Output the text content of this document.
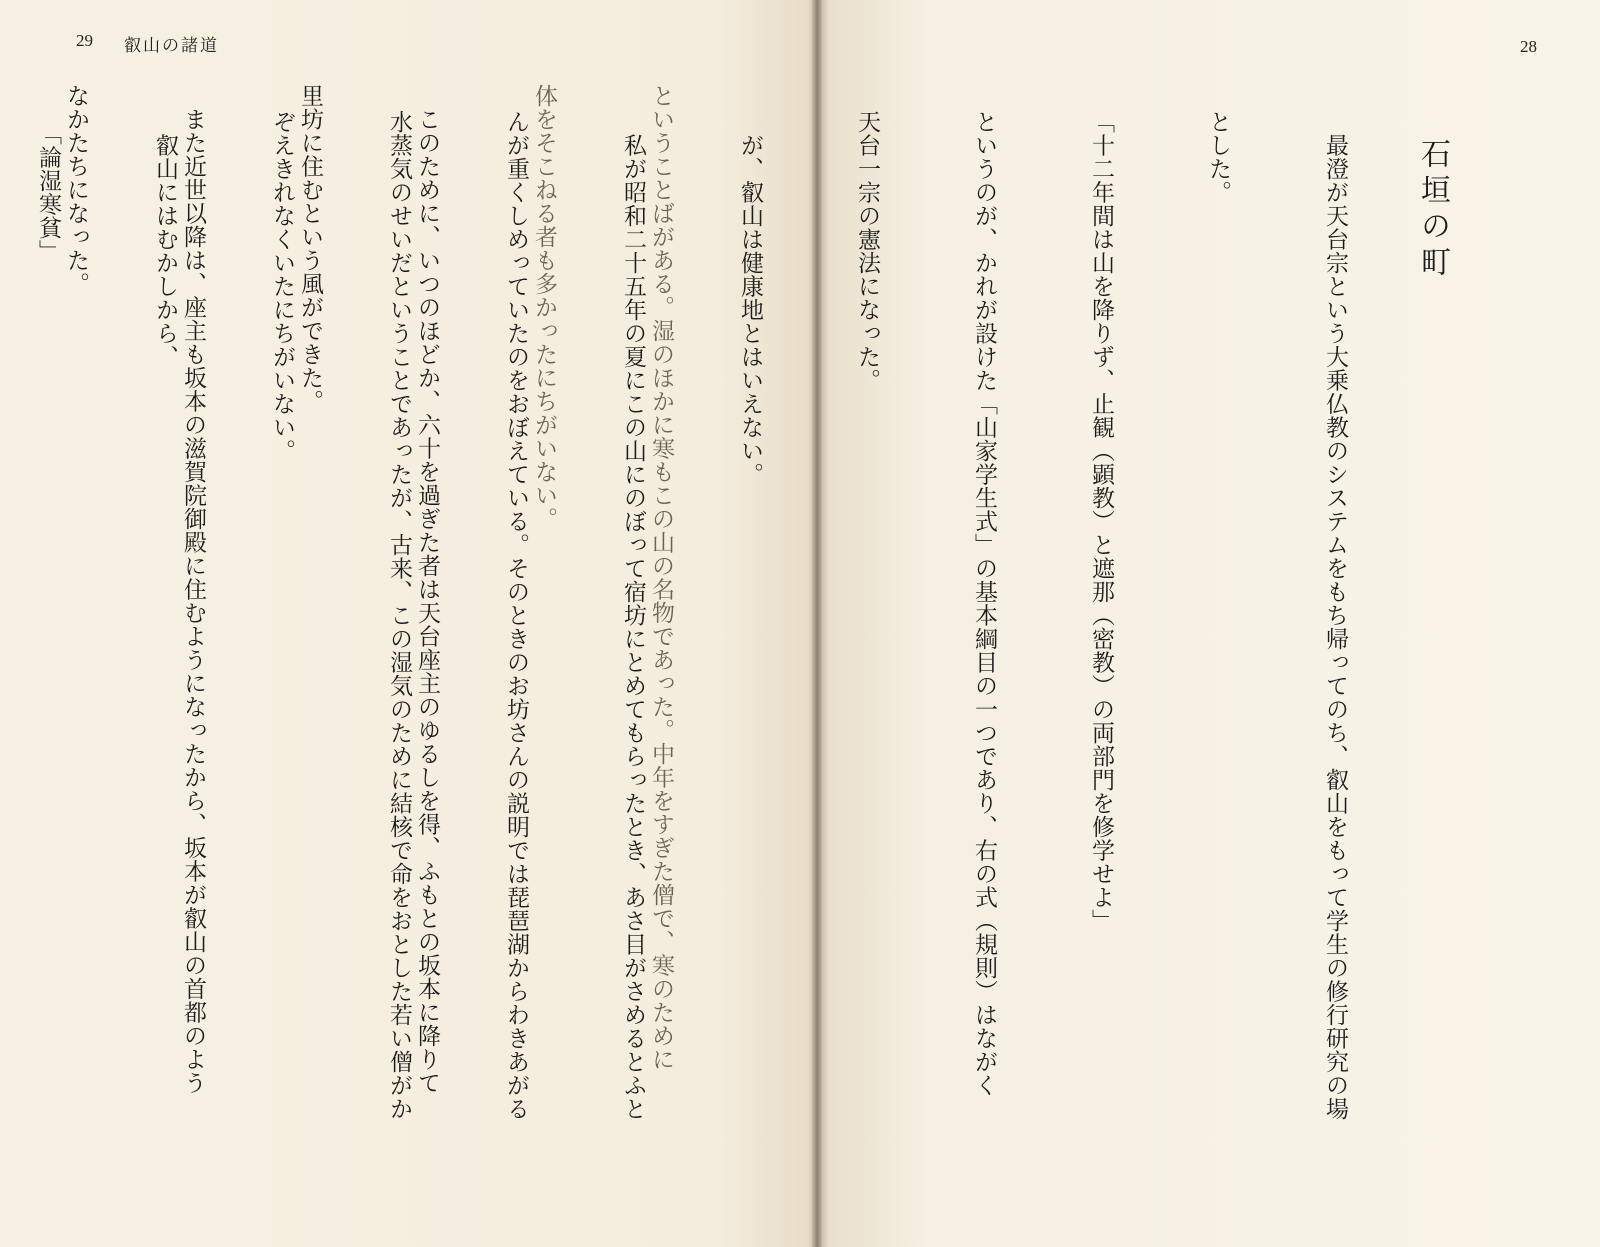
29 叡山の諸道

ということばがある。湿のほかに寒もこの山の名物であった。中年をすぎた僧で、寒のために

体をそこねる者も多かったにちがいない。

　このために、いつのほどか、六十を過ぎた者は天台座主のゆるしを得、ふもとの坂本に降りて

里坊に住むという風ができた。

　また近世以降は、座主も坂本の滋賀院御殿に住むようになったから、坂本が叡山の首都のよう

なかたちになった。

28
石垣の町

　最澄が天台宗という大乗仏教のシステムをもち帰ってのち、叡山をもって学生の修行研究の場

とした。

「十二年間は山を降りず、止観（顕教）と遮那（密教）の両部門を修学せよ」

というのが、かれが設けた「山家学生式」の基本綱目の一つであり、右の式（規則）はながく

天台一宗の憲法になった。

　が、叡山は健康地とはいえない。

　私が昭和二十五年の夏にこの山にのぼって宿坊にとめてもらったとき、あさ目がさめるとふと

んが重くしめっていたのをおぼえている。そのときのお坊さんの説明では琵琶湖からわきあがる

水蒸気のせいだということであったが、古来、この湿気のために結核で命をおとした若い僧がか

ぞえきれなくいたにちがいない。

　叡山にはむかしから、

　「論湿寒貧」
